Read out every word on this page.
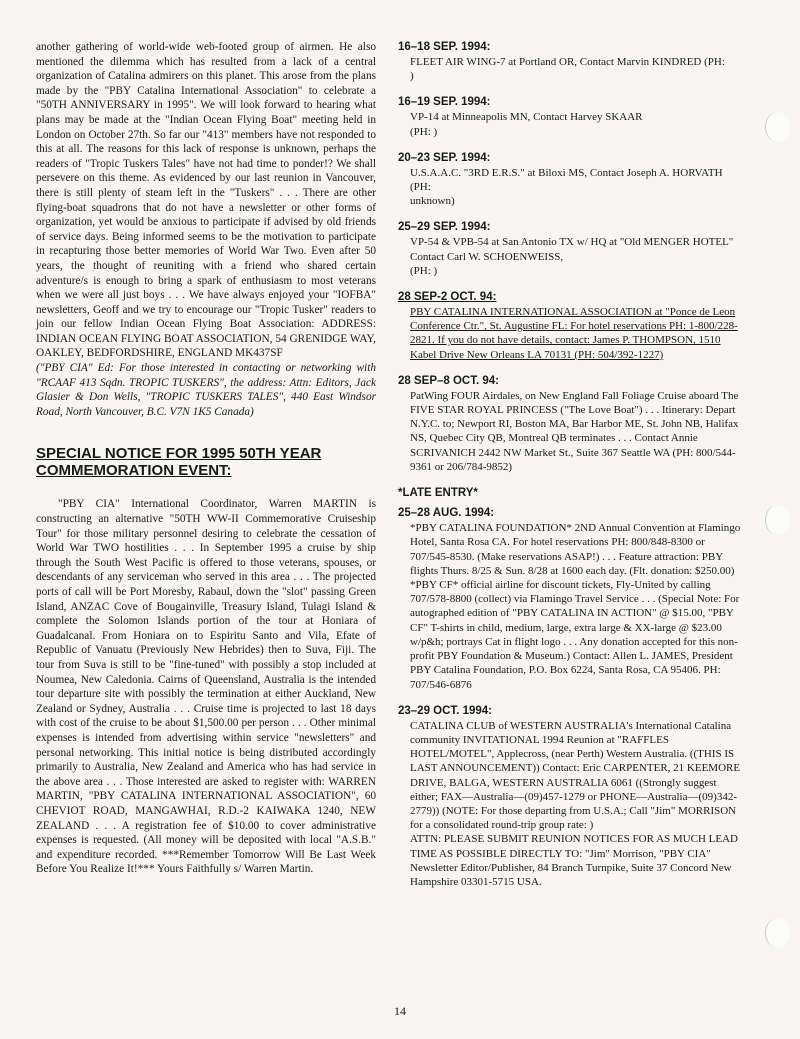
another gathering of world-wide web-footed group of airmen. He also mentioned the dilemma which has resulted from a lack of a central organization of Catalina admirers on this planet. This arose from the plans made by the "PBY Catalina International Association" to celebrate a "50TH ANNIVERSARY in 1995". We will look forward to hearing what plans may be made at the "Indian Ocean Flying Boat" meeting held in London on October 27th. So far our "413" members have not responded to this at all. The reasons for this lack of response is unknown, perhaps the readers of "Tropic Tuskers Tales" have not had time to ponder!? We shall persevere on this theme. As evidenced by our last reunion in Vancouver, there is still plenty of steam left in the "Tuskers" . . . There are other flying-boat squadrons that do not have a newsletter or other forms of organization, yet would be anxious to participate if advised by old friends of service days. Being informed seems to be the motivation to participate in recapturing those better memories of World War Two. Even after 50 years, the thought of reuniting with a friend who shared certain adventure/s is enough to bring a spark of enthusiasm to most veterans when we were all just boys . . . We have always enjoyed your "IOFBA" newsletters, Geoff and we try to encourage our "Tropic Tusker" readers to join our fellow Indian Ocean Flying Boat Association: ADDRESS: INDIAN OCEAN FLYING BOAT ASSOCIATION, 54 GRENIDGE WAY, OAKLEY, BEDFORDSHIRE, ENGLAND MK437SF

("PBY CIA" Ed: For those interested in contacting or networking with "RCAAF 413 Sqdn. TROPIC TUSKERS", the address: Attn: Editors, Jack Glasier & Don Wells, "TROPIC TUSKERS TALES", 440 East Windsor Road, North Vancouver, B.C. V7N 1K5 Canada)

SPECIAL NOTICE FOR 1995 50TH YEAR COMMEMORATION EVENT:

"PBY CIA" International Coordinator, Warren MARTIN is constructing an alternative "50TH WW-II Commemorative Cruiseship Tour" for those military personnel desiring to celebrate the cessation of World War TWO hostilities . . . In September 1995 a cruise by ship through the South West Pacific is offered to those veterans, spouses, or descendants of any serviceman who served in this area . . . The projected ports of call will be Port Moresby, Rabaul, down the "slot" passing Green Island, ANZAC Cove of Bougainville, Treasury Island, Tulagi Island & complete the Solomon Islands portion of the tour at Honiara of Guadalcanal. From Honiara on to Espiritu Santo and Vila, Efate of Republic of Vanuatu (Previously New Hebrides) then to Suva, Fiji. The tour from Suva is still to be "fine-tuned" with possibly a stop included at Noumea, New Caledonia. Cairns of Queensland, Australia is the intended tour departure site with possibly the termination at either Auckland, New Zealand or Sydney, Australia . . . Cruise time is projected to last 18 days with cost of the cruise to be about $1,500.00 per person . . . Other minimal expenses is intended from advertising within service "newsletters" and personal networking. This initial notice is being distributed accordingly primarily to Australia, New Zealand and America who has had service in the above area . . . Those interested are asked to register with: WARREN MARTIN, "PBY CATALINA INTERNATIONAL ASSOCIATION", 60 CHEVIOT ROAD, MANGAWHAI, R.D.-2 KAIWAKA 1240, NEW ZEALAND . . . A registration fee of $10.00 to cover administrative expenses is requested. (All money will be deposited with local "A.S.B." and expenditure recorded. ***Remember Tomorrow Will Be Last Week Before You Realize It!*** Yours Faithfully s/ Warren Martin.

16–18 SEP. 1994:
FLEET AIR WING-7 at Portland OR, Contact Marvin KINDRED (PH:
)
16–19 SEP. 1994:
VP-14 at Minneapolis MN, Contact Harvey SKAAR
(PH: )
20–23 SEP. 1994:
U.S.A.A.C. "3RD E.R.S." at Biloxi MS, Contact Joseph A. HORVATH (PH:
unknown)
25–29 SEP. 1994:
VP-54 & VPB-54 at San Antonio TX w/ HQ at "Old MENGER HOTEL" Contact Carl W. SCHOENWEISS,
(PH: )
28 SEP-2 OCT. 94:
PBY CATALINA INTERNATIONAL ASSOCIATION at "Ponce de Leon Conference Ctr.", St. Augustine FL: For hotel reservations PH: 1-800/228-2821. If you do not have details, contact: James P. THOMPSON, 1510 Kabel Drive New Orleans LA 70131 (PH: 504/392-1227)
28 SEP–8 OCT. 94:
PatWing FOUR Airdales, on New England Fall Foliage Cruise aboard The FIVE STAR ROYAL PRINCESS ("The Love Boat") . . . Itinerary: Depart N.Y.C. to; Newport RI, Boston MA, Bar Harbor ME, St. John NB, Halifax NS, Quebec City QB, Montreal QB terminates . . . Contact Annie SCRIVANICH 2442 NW Market St., Suite 367 Seattle WA (PH: 800/544-9361 or 206/784-9852)
*LATE ENTRY*
25–28 AUG. 1994:
*PBY CATALINA FOUNDATION* 2ND Annual Convention at Flamingo Hotel, Santa Rosa CA. For hotel reservations PH: 800/848-8300 or 707/545-8530. (Make reservations ASAP!) . . . Feature attraction: PBY flights Thurs. 8/25 & Sun. 8/28 at 1600 each day. (Flt. donation: $250.00) *PBY CF* official airline for discount tickets, Fly-United by calling 707/578-8800 (collect) via Flamingo Travel Service . . . (Special Note: For autographed edition of "PBY CATALINA IN ACTION" @ $15.00, "PBY CF" T-shirts in child, medium, large, extra large & XX-large @ $23.00 w/p&h; portrays Cat in flight logo . . . Any donation accepted for this non-profit PBY Foundation & Museum.) Contact: Allen L. JAMES, President PBY Catalina Foundation, P.O. Box 6224, Santa Rosa, CA 95406. PH: 707/546-6876
23–29 OCT. 1994:
CATALINA CLUB of WESTERN AUSTRALIA's International Catalina community INVITATIONAL 1994 Reunion at "RAFFLES HOTEL/MOTEL", Applecross, (near Perth) Western Australia. ((THIS IS LAST ANNOUNCEMENT)) Contact: Eric CARPENTER, 21 KEEMORE DRIVE, BALGA, WESTERN AUSTRALIA 6061 ((Strongly suggest either; FAX—Australia—(09)457-1279 or PHONE—Australia—(09)342-2779)) (NOTE: For those departing from U.S.A.; Call "Jim" MORRISON for a consolidated round-trip group rate: )
ATTN: PLEASE SUBMIT REUNION NOTICES FOR AS MUCH LEAD TIME AS POSSIBLE DIRECTLY TO: "Jim" Morrison, "PBY CIA" Newsletter Editor/Publisher, 84 Branch Turnpike, Suite 37 Concord New Hampshire 03301-5715 USA.
14
